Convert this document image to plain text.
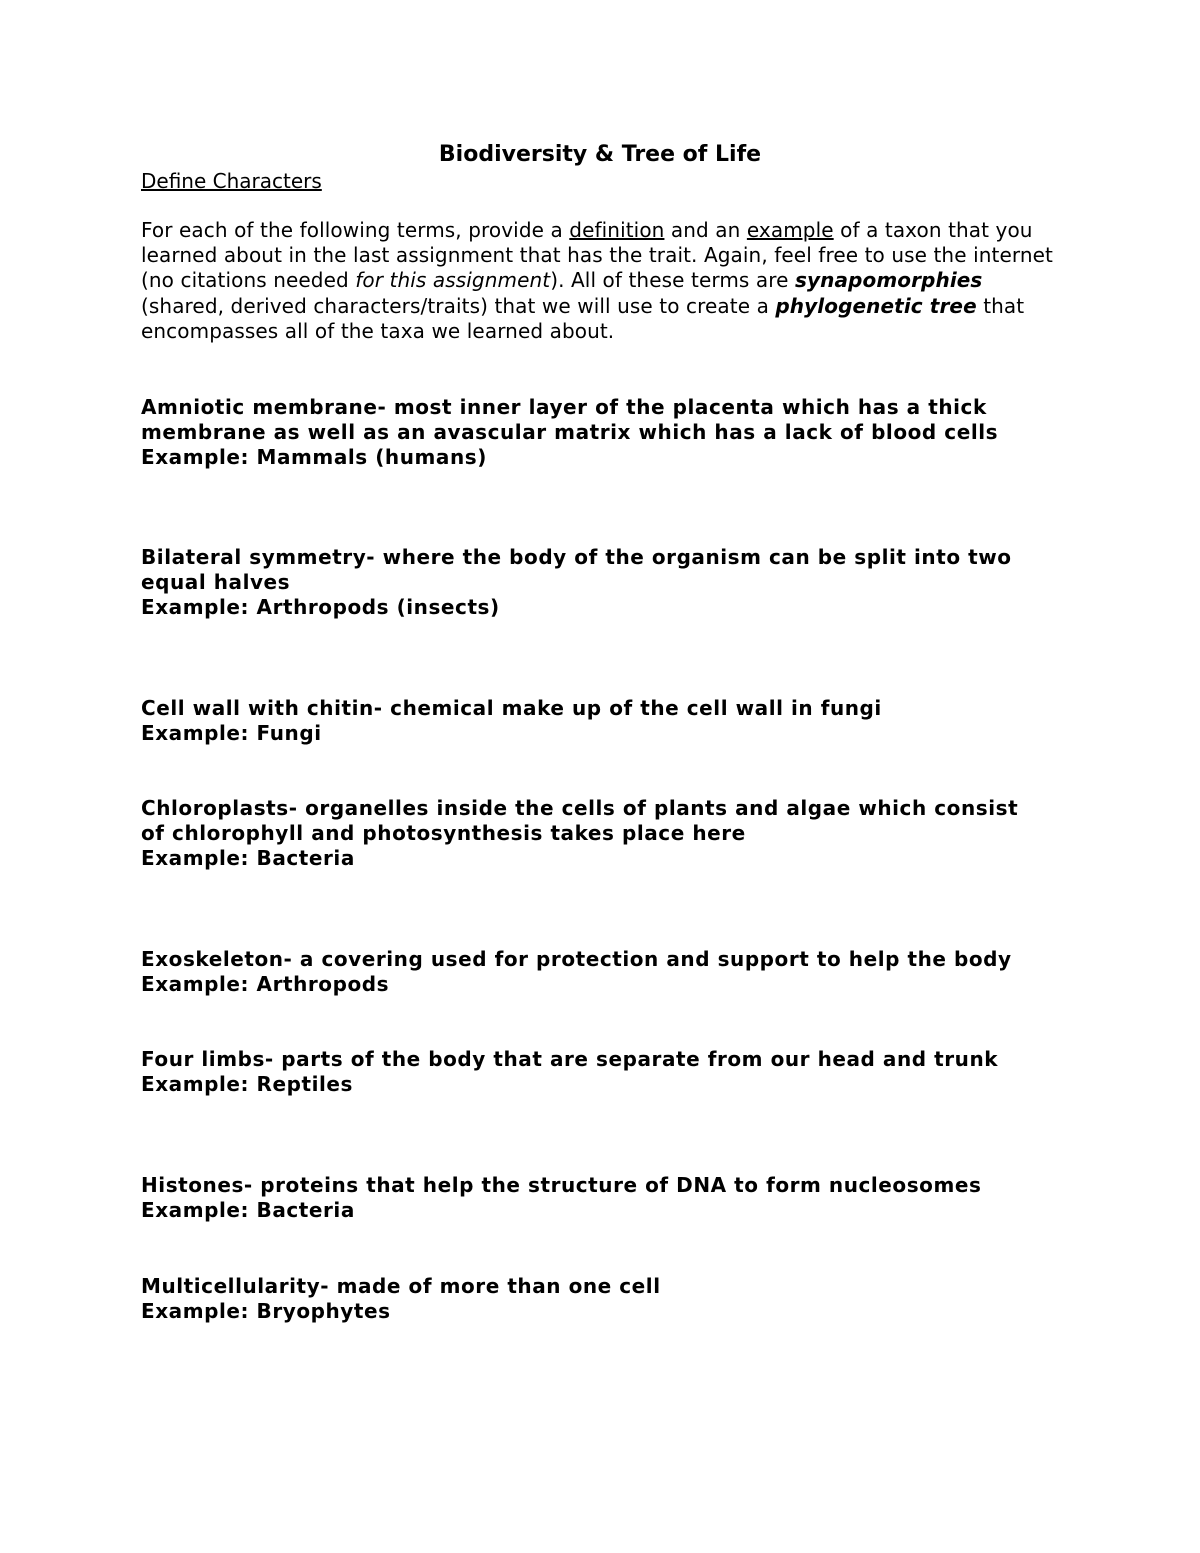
Biodiversity & Tree of Life

Define Characters

For each of the following terms, provide a definition and an example of a taxon that you learned about in the last assignment that has the trait. Again, feel free to use the internet (no citations needed for this assignment). All of these terms are synapomorphies (shared, derived characters/traits) that we will use to create a phylogenetic tree that encompasses all of the taxa we learned about.

Amniotic membrane- most inner layer of the placenta which has a thick
membrane as well as an avascular matrix which has a lack of blood cells
Example: Mammals (humans)
Bilateral symmetry- where the body of the organism can be split into two
equal halves
Example: Arthropods (insects)
Cell wall with chitin- chemical make up of the cell wall in fungi
Example: Fungi
Chloroplasts- organelles inside the cells of plants and algae which consist
of chlorophyll and photosynthesis takes place here
Example: Bacteria
Exoskeleton- a covering used for protection and support to help the body
Example: Arthropods
Four limbs- parts of the body that are separate from our head and trunk
Example: Reptiles
Histones- proteins that help the structure of DNA to form nucleosomes
Example: Bacteria
Multicellularity- made of more than one cell
Example: Bryophytes
